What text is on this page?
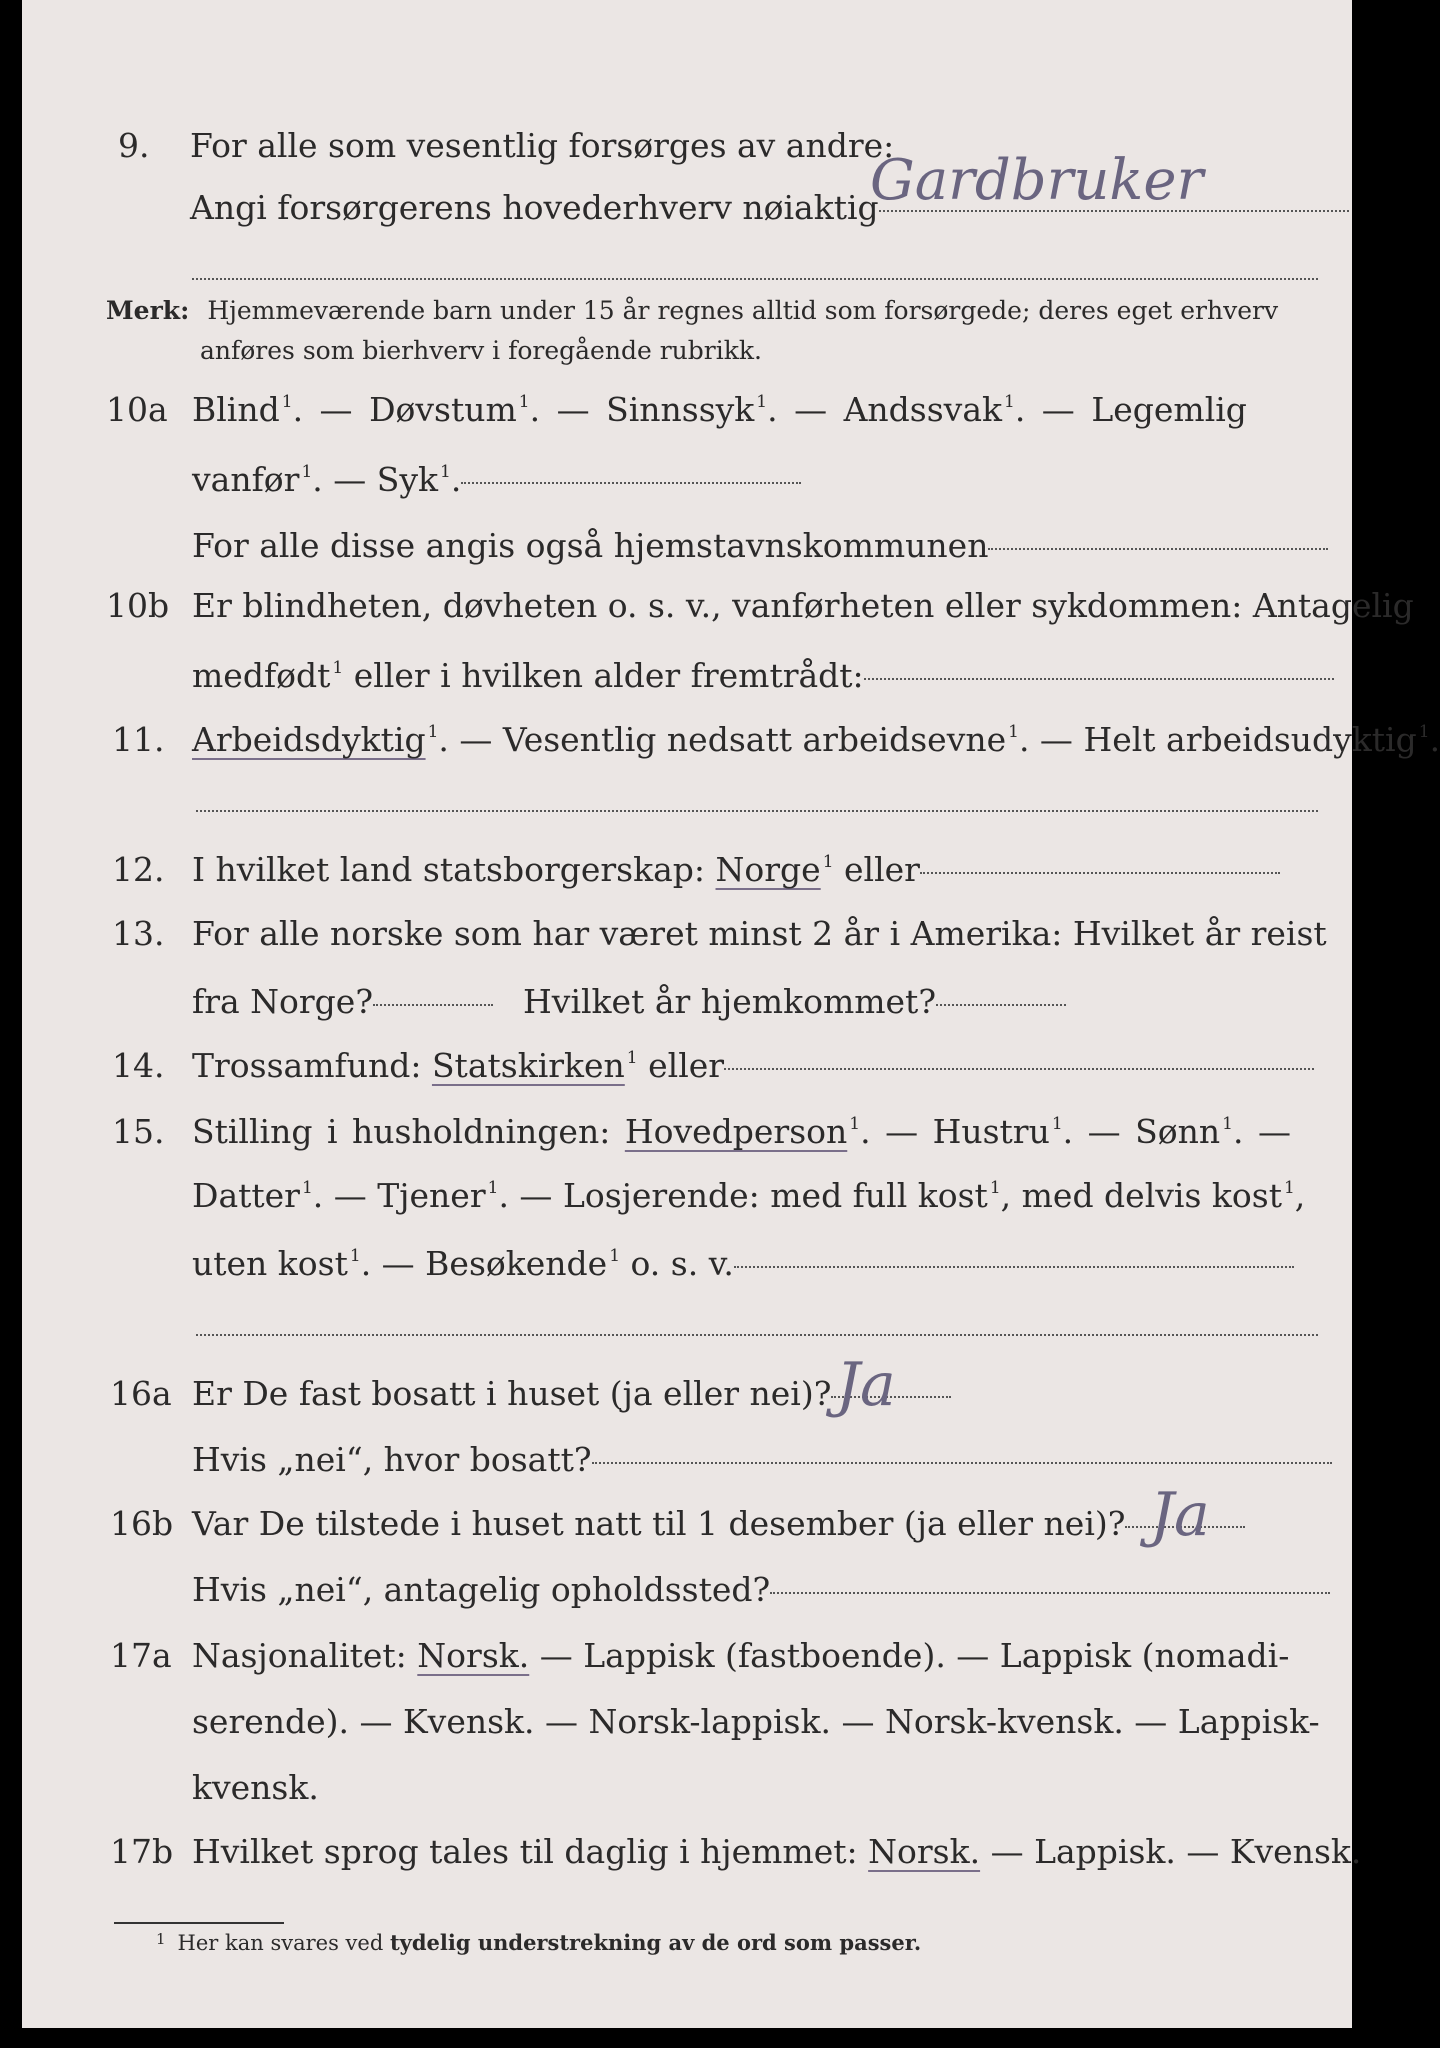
9. For alle som vesentlig forsørges av andre:
Angi forsørgerens hovederhverv nøiaktig
Gardbruker
Merk: Hjemmeværende barn under 15 år regnes alltid som forsørgede; deres eget erhverv
anføres som bierhverv i foregående rubrikk.
10a Blind $^1$. — Døvstum $^1$. — Sinnssyk $^1$. — Andssvak $^1$. — Legemlig
vanfør $^1$. — Syk $^1$.
For alle disse angis også hjemstavnskommunen
10b Er blindheten, døvheten o. s. v., vanførheten eller sykdommen: Antagelig
medfødt $^1$ eller i hvilken alder fremtrådt:
11. Arbeidsdyktig $^1$. — Vesentlig nedsatt arbeidsevne $^1$. — Helt arbeidsudyktig $^1$.
12. I hvilket land statsborgerskap: Norge $^1$ eller
13. For alle norske som har været minst 2 år i Amerika: Hvilket år reist
fra Norge?	Hvilket år hjemkommet?
14. Trossamfund: Statskirken $^1$ eller
15. Stilling i husholdningen: Hovedperson $^1$. — Hustru $^1$. — Sønn $^1$. —
Datter $^1$. — Tjener $^1$. — Losjerende: med full kost $^1$, med delvis kost $^1$,
uten kost $^1$. — Besøkende $^1$ o. s. v.
16a Er De fast bosatt i huset (ja eller nei)? Ja
Hvis „nei“, hvor bosatt?
16b Var De tilstede i huset natt til 1 desember (ja eller nei)? Ja
Hvis „nei“, antagelig opholdssted?
17a Nasjonalitet: Norsk. — Lappisk (fastboende). — Lappisk (nomadi-
serende). — Kvensk. — Norsk-lappisk. — Norsk-kvensk. — Lappisk-
kvensk.
17b Hvilket sprog tales til daglig i hjemmet: Norsk. — Lappisk. — Kvensk.
$^1$ Her kan svares ved tydelig understrekning av de ord som passer.
